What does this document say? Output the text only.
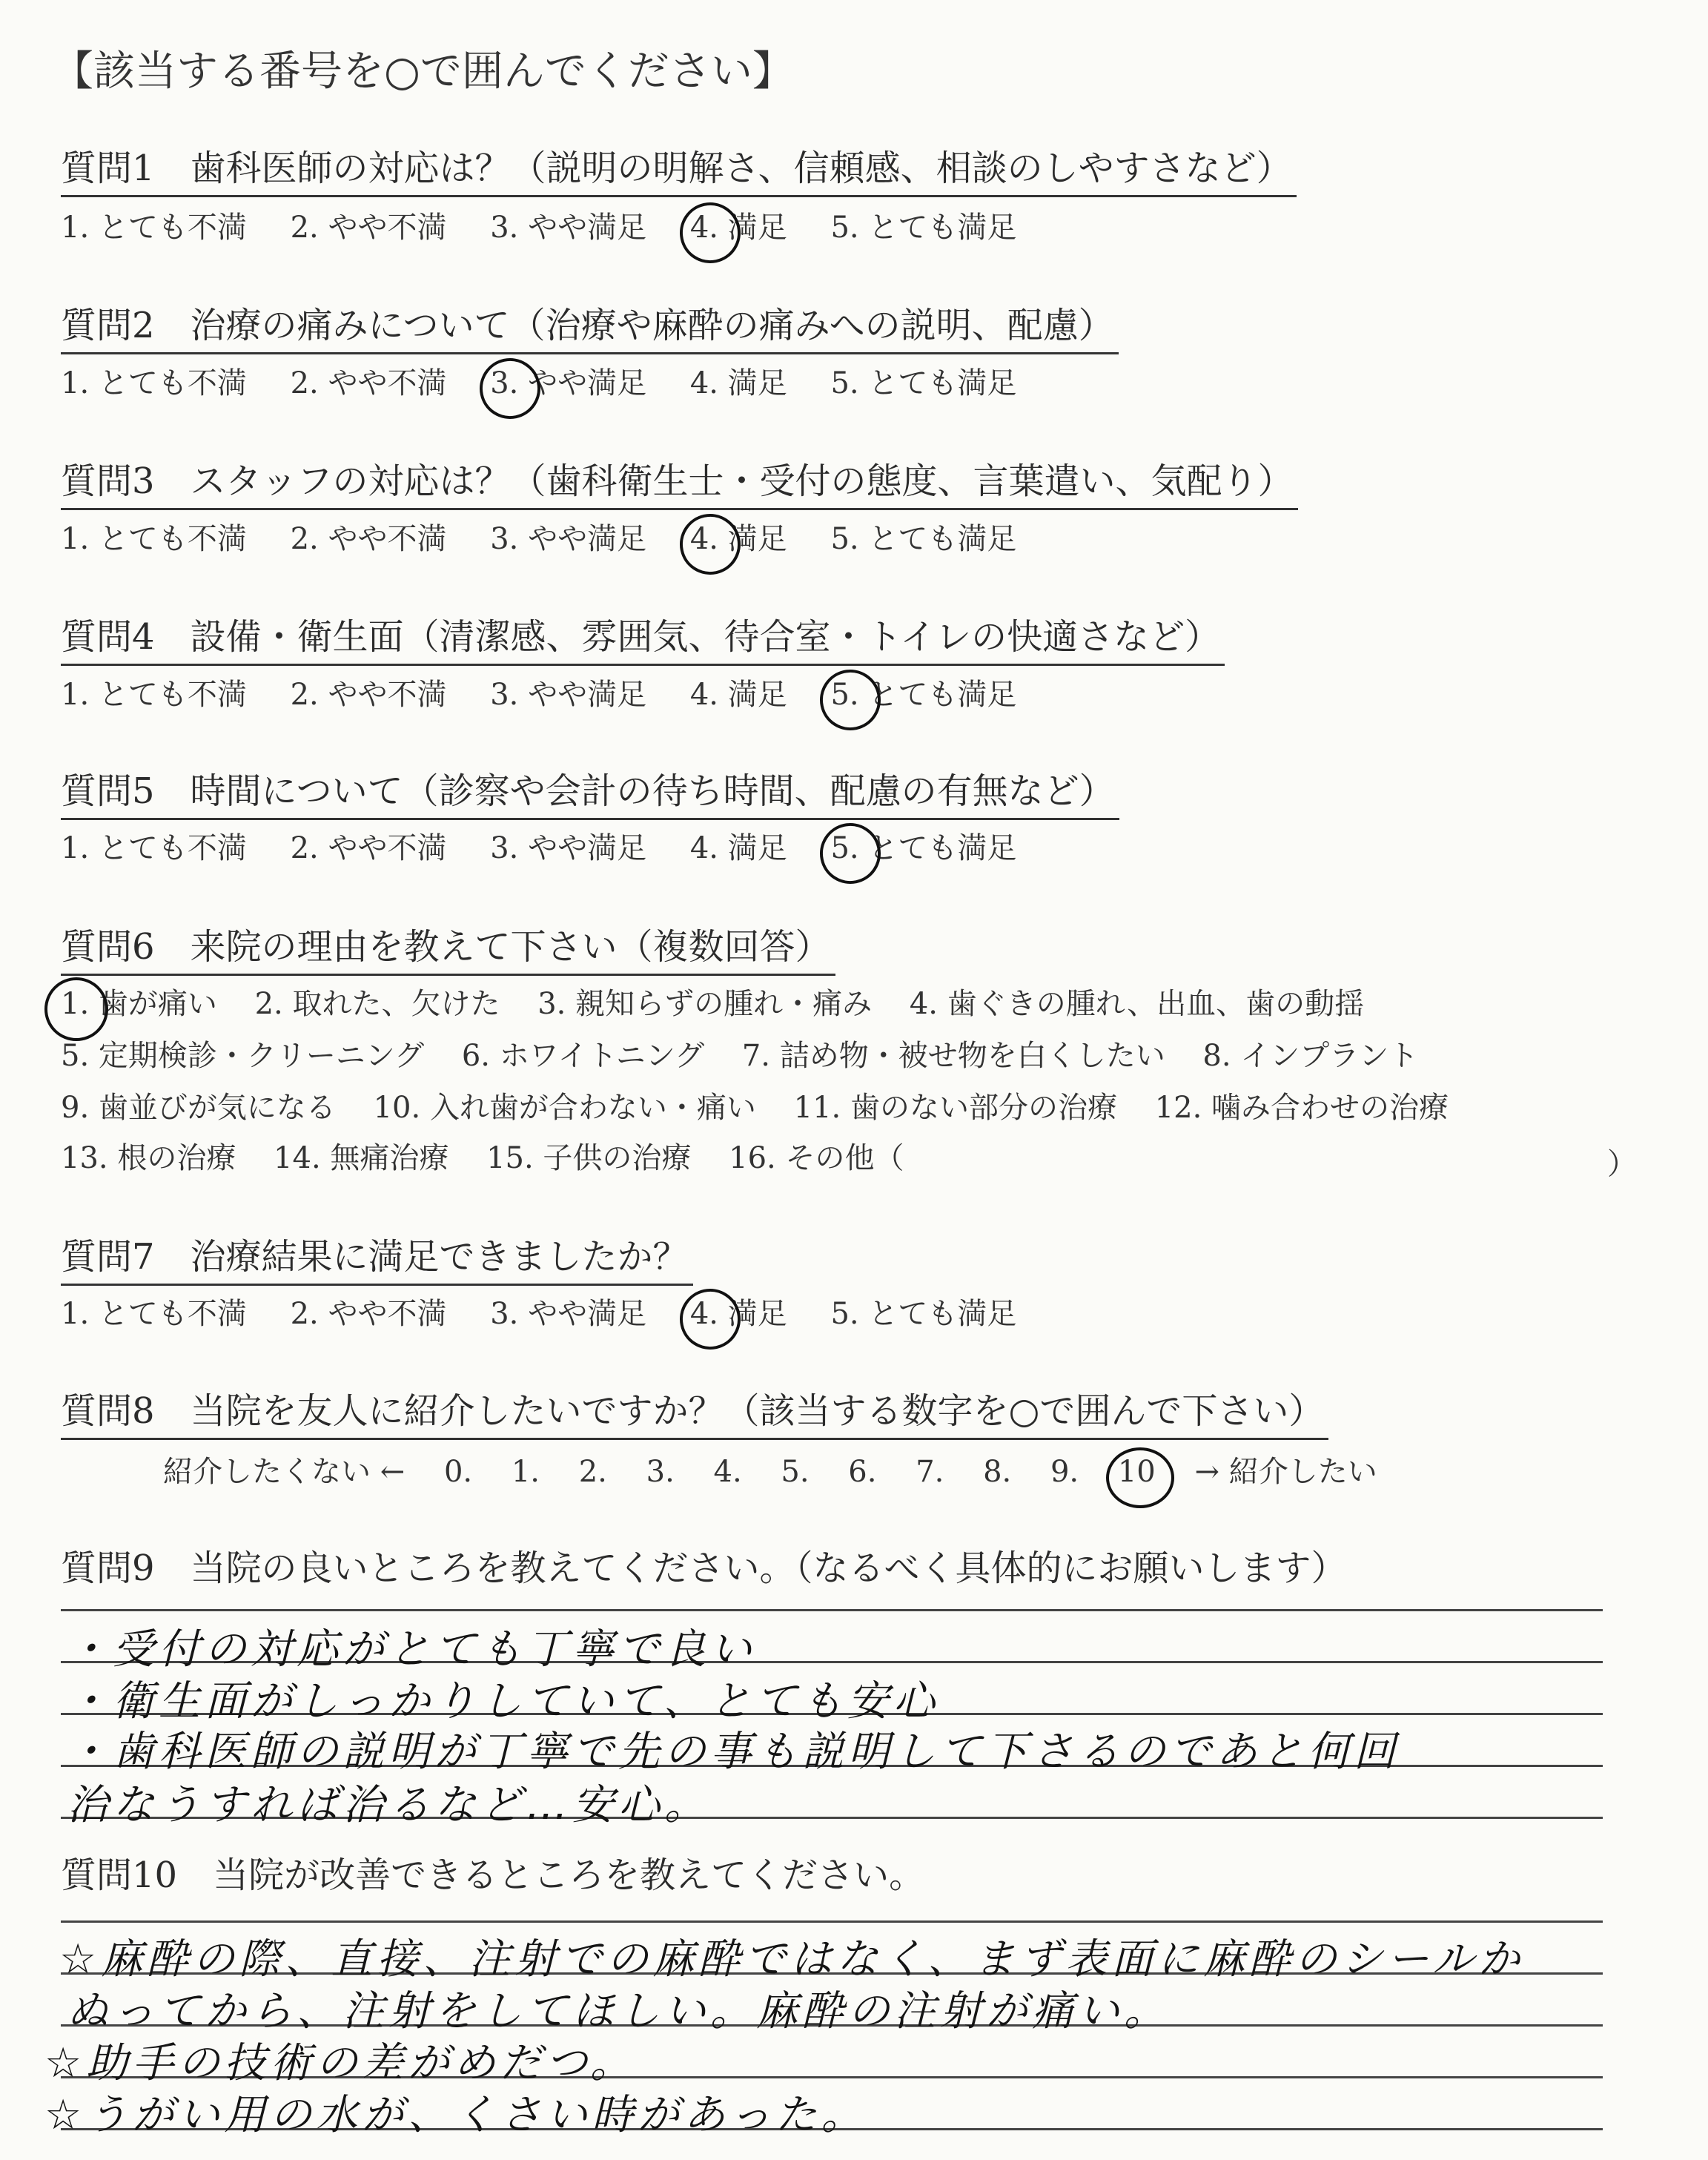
【該当する番号を○で囲んでください】
質問1　歯科医師の対応は？（説明の明解さ、信頼感、相談のしやすさなど）
1. とても不満 2. やや不満 3. やや満足 4. 満足 5. とても満足
質問2　治療の痛みについて（治療や麻酔の痛みへの説明、配慮）
1. とても不満 2. やや不満 3. やや満足 4. 満足 5. とても満足
質問3　スタッフの対応は？（歯科衛生士・受付の態度、言葉遣い、気配り）
1. とても不満 2. やや不満 3. やや満足 4. 満足 5. とても満足
質問4　設備・衛生面（清潔感、雰囲気、待合室・トイレの快適さなど）
1. とても不満 2. やや不満 3. やや満足 4. 満足 5. とても満足
質問5　時間について（診察や会計の待ち時間、配慮の有無など）
1. とても不満 2. やや不満 3. やや満足 4. 満足 5. とても満足
質問6　来院の理由を教えて下さい（複数回答）
1. 歯が痛い 2. 取れた、欠けた 3. 親知らずの腫れ・痛み 4. 歯ぐきの腫れ、出血、歯の動揺
5. 定期検診・クリーニング 6. ホワイトニング 7. 詰め物・被せ物を白くしたい 8. インプラント
9. 歯並びが気になる 10. 入れ歯が合わない・痛い 11. 歯のない部分の治療 12. 噛み合わせの治療
13. 根の治療 14. 無痛治療 15. 子供の治療 16. その他（	）
質問7　治療結果に満足できましたか？
1. とても不満 2. やや不満 3. やや満足 4. 満足 5. とても満足
質問8　当院を友人に紹介したいですか？（該当する数字を○で囲んで下さい）
紹介したくない ← 0. 1. 2. 3. 4. 5. 6. 7. 8. 9. 10 → 紹介したい
質問9　当院の良いところを教えてください。（なるべく具体的にお願いします）
・受付の対応がとても丁寧で良い
・衛生面がしっかりしていて、とても安心
・歯科医師の説明が丁寧で先の事も説明して下さるのであと何回
治なうすれば治るなど…安心。
質問10　当院が改善できるところを教えてください。
☆麻酔の際、直接、注射での麻酔ではなく、まず表面に麻酔のシールか
ぬってから、注射をしてほしい。麻酔の注射が痛い。
☆助手の技術の差がめだつ。
☆うがい用の水が、くさい時があった。
